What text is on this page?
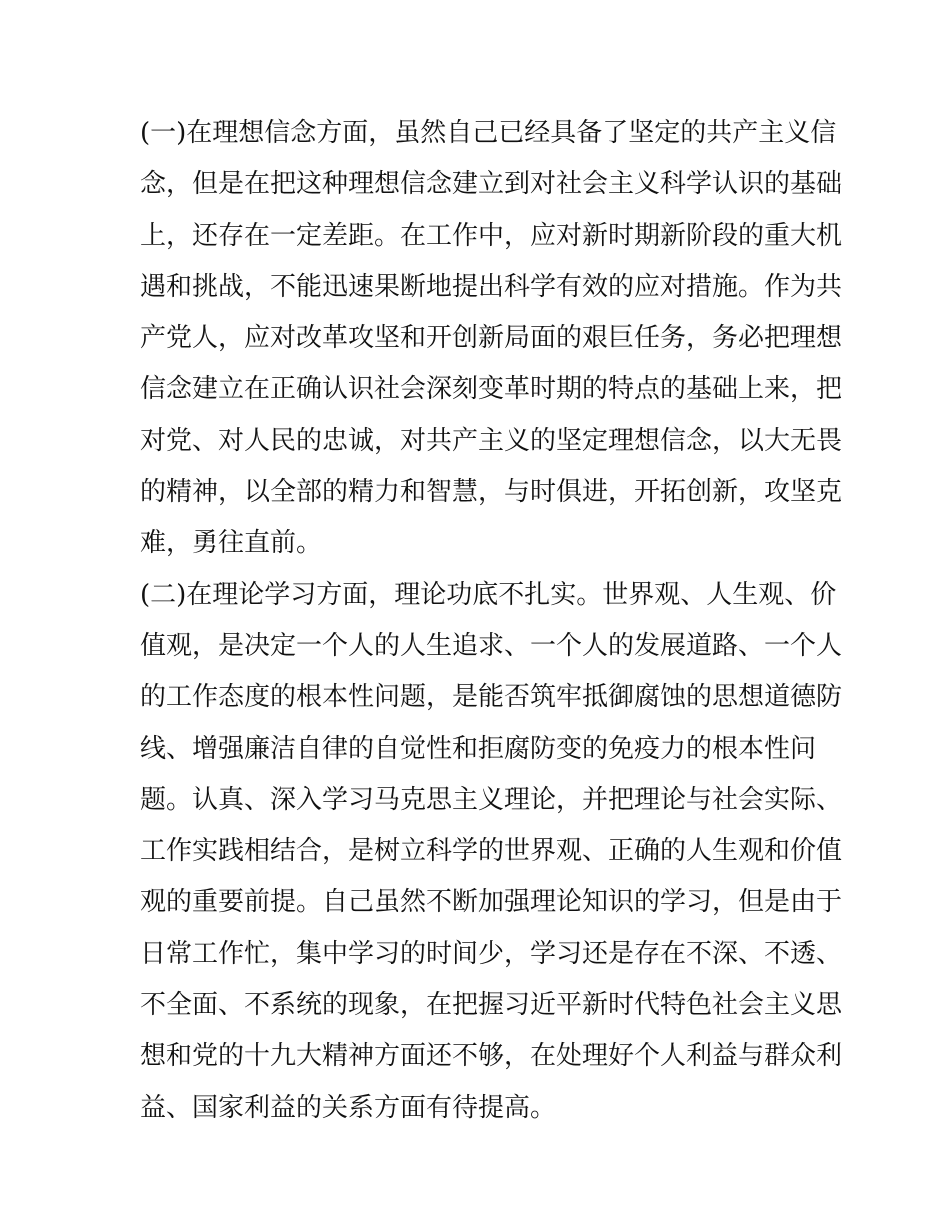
(一)在理想信念方面，虽然自己已经具备了坚定的共产主义信
念，但是在把这种理想信念建立到对社会主义科学认识的基础
上，还存在一定差距。在工作中，应对新时期新阶段的重大机
遇和挑战，不能迅速果断地提出科学有效的应对措施。作为共
产党人，应对改革攻坚和开创新局面的艰巨任务，务必把理想
信念建立在正确认识社会深刻变革时期的特点的基础上来，把
对党、对人民的忠诚，对共产主义的坚定理想信念，以大无畏
的精神，以全部的精力和智慧，与时俱进，开拓创新，攻坚克
难，勇往直前。
(二)在理论学习方面，理论功底不扎实。世界观、人生观、价
值观，是决定一个人的人生追求、一个人的发展道路、一个人
的工作态度的根本性问题，是能否筑牢抵御腐蚀的思想道德防
线、增强廉洁自律的自觉性和拒腐防变的免疫力的根本性问
题。认真、深入学习马克思主义理论，并把理论与社会实际、
工作实践相结合，是树立科学的世界观、正确的人生观和价值
观的重要前提。自己虽然不断加强理论知识的学习，但是由于
日常工作忙，集中学习的时间少，学习还是存在不深、不透、
不全面、不系统的现象，在把握习近平新时代特色社会主义思
想和党的十九大精神方面还不够，在处理好个人利益与群众利
益、国家利益的关系方面有待提高。
